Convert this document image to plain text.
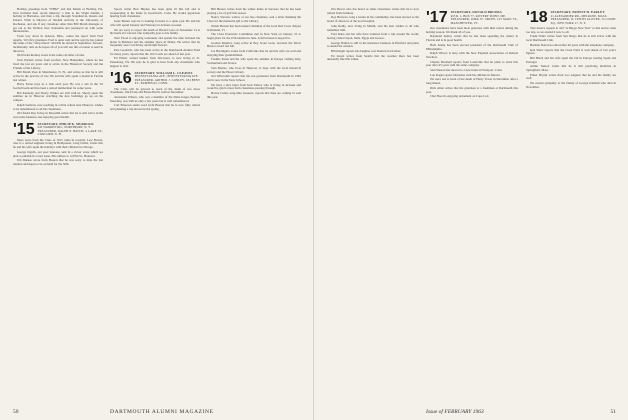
Holiday greetings from "WHIZ" and Dot Marsh of Holiday, Fla. have included their recent itinerary: a visit to the Virgin Islands, a holiday in Barbados, and then a trip through Scandinavia, Russia and Poland. Whiz is Director of Student Activity at the University of Rochester, and ask if any classmate other than Bill Marsh manages to get out to the Weldon river Jerusalem and journeyed on with some missionaries.

From way down in Jackson, Miss., comes the report from Fred Applin, '16's first grandson. Fred is quite well and he says he has joined the ranks of the "sixty-niners" and that he retired in September. Stevens, incidentally, tells us he hopes all of you will use this occasion to send in the news.

Old friend Rodney Gates is the same old teller of tales.

Tom Wyman writes from Grafton. New Hampshire, where he has lived the last six years and is active in the Historical Society and the Friends of the Library.

Bill Marsh lives in Manchester, N. H., and writes us that he is still active in the practice of law. He and his wife spent a month in Florida last winter.

Harry Eaton pays us a visit each year. He was a sub in the '16 football team and has been a retired lumberman for some years.

Hal Kennedy and Shorty Walker are still with us. Shorty spent the summer up in Hanover watching the new buildings go up on the campus.

Ralph Sanborn, now teaching in a little school near Hanover, wishes to be remembered to all his classmates.

Old friend Ray Tobey in Meredith writes that he is still active in his real estate business and enjoying good health.

'15 SECRETARY, PHILIP K. MURDOCK
645 WARREN RD., NORTHPORT, N. Y.
TREASURER, RALPH P. HATCH, 4 LAKE ST., CONCORD, N. H.

More news from the Class of 1915 came in recently. Lew Brown, who is a retired engineer living in Hempstead, Long Island, writes that he and his wife spent the holidays with their children in Chicago.

George Ingalls, our poet laureate, sent in a clever verse which we plan to publish in a later issue. His address is 14 Elm St., Hanover.

Jim Durkee wrote from Boston that he was sorry to miss the last reunion and hopes to be on hand for the 50th.

Sports writer Bob Haynes has been quite ill this fall and is recuperating at his home in Greenwich, Conn. He would appreciate hearing from classmates.

Gene Barker says he is looking forward to a quiet year. He and his wife will spend January and February in Arizona as usual.

We are sorry to report the death of Harold Cole on November 14 at his home in Concord. Our sympathy goes to his family.

Walt Flood is enjoying retirement and spends his time between his home in Belmont and his summer place in Maine. He writes that he frequently sees Carl Perley and Ralph Stewart.

Pete Goodrich, who has been active in the Dartmouth Alumni Fund for many years, reports that the 1915 totals are ahead of last year.

Ed Elliott, retired banker from Worcester, is now living in St. Petersburg, Fla. He says he is glad to hear from any classmates who happen to visit.

'16 SECRETARY, WILLIAM L. CLEAVES
PENNSYLVANIA AVE., PENNSYLVANIA AVE.
TREASURER, ARTHUR J. CONLEY, 184 BENT ST., FAIRFIELD, CONN.

The Class will be grieved to learn of the death of two more classmates, Jim Evans and Ernest Hatch, both in December.

Alexander Wilson, who was a member of the Delta Kappa Epsilon fraternity, was with us only a few years but is well remembered.

Carl Emerson sends word from Boston that he is now fully retired and planning a trip abroad in the spring.

Bill Heaton writes from his winter home in Sarasota that he has been playing a lot of golf this season.

Nancy Stevens, widow of our late classmate, sent a letter thanking the Class for the memorial gift to the Library.

Walter Beaton has been named chairman of the local Red Cross chapter in Rutland, Vt.

The Class Executive Committee met in New York on January 10 to begin plans for the 47th reunion in June. A full turnout is hoped for.

Gordon Maurice, long active in Boy Scout work, received the Silver Beaver award last fall.

Joe Harrington writes from California that he and his wife are well and enjoying their grandchildren.

Freddie Eaton and his wife spent the summer in Europe visiting Italy, Switzerland and France.

Stan Barnes, who lives in Hanover, is busy with the local historical society and the Howe Library.

Ted Whitcomb reports that his son graduated from Dartmouth in 1962 and is now in the Tuck School.

We have a nice letter from Ken Tarbox who is living in Arizona and would be glad to hear from classmates passing through.

Howie Cutler, long-time treasurer, reports that dues are coming in well this year.

50	DARTMOUTH ALUMNI MAGAZINE

Jim Dewar who has heard of other classmates writes that he is now retired from business.

Roy Burrows, long a leader in his community, has been elected to the board of directors of the local hospital.

John Reilly, now living in Miami, sent his best wishes to all who remember him.

Fred Dana and his wife have returned from a trip around the world, having visited Japan, India, Egypt and Greece.

George Hallett is still in the insurance business in Hartford and plans to attend the reunion.

Bill Knight reports his daughter was married in October.

Ed Jewett writes from Seattle that the weather there has been unusually fine this winter.

'17 SECRETARY, DONALD BROOKS
R.F.D. 1, BOX 77, KITTERY POINT, ME.
TREASURER, KIRK W. SMITH, 123 MAIN ST., MANCHESTER, VT.

Our classmates have been most generous with their letters during the holiday season. We thank all of you.

Raymond Kelley writes that he has been spending the winter in Florida and is in good health.

Herb Kemp has been elected president of the Dartmouth Club of Philadelphia.

Ralph Wilcox is busy with the New England Association of Retired Teachers.

Charles Marshall reports from Louisville that he plans to retire this year after 45 years with the same company.

Sam Weston has moved to a new home in Westport, Conn.

Lou Rogers spent Christmas with his children in Denver.

We were sad to learn of the death of Harry Tower in December after a long illness.

Dick Allen writes that his grandson is a freshman at Dartmouth this year.

Chet Hood is enjoying retirement on Cape Cod.

'18 SECRETARY, ERNEST H. EARLEY
21 ALEXANDER RD., MELROSE, MASS.
TREASURER, W. CURTIS GLOVER, 15 COURT SQ., NEW YORK 17, N. Y.

Stan Jones's request to add "A Happy New Year" to this notice came too late, so we extend it now to all.

Frank Fuller writes from San Diego that he is still active with the local Dartmouth Club.

Herman Dole has retired after 40 years with the telephone company.

Ken Shaw reports that the Class Fund is well ahead of last year's figures.

Bill Hatch and his wife spent the fall in Europe touring Spain and Portugal.

Arthur Nelson writes that he is still practicing medicine in Springfield, Mass.

Elmer Bryant writes from Los Angeles that he and his family are well.

We extend sympathy to the family of George Kimball who died in November.

Issue of FEBRUARY 1963	51
